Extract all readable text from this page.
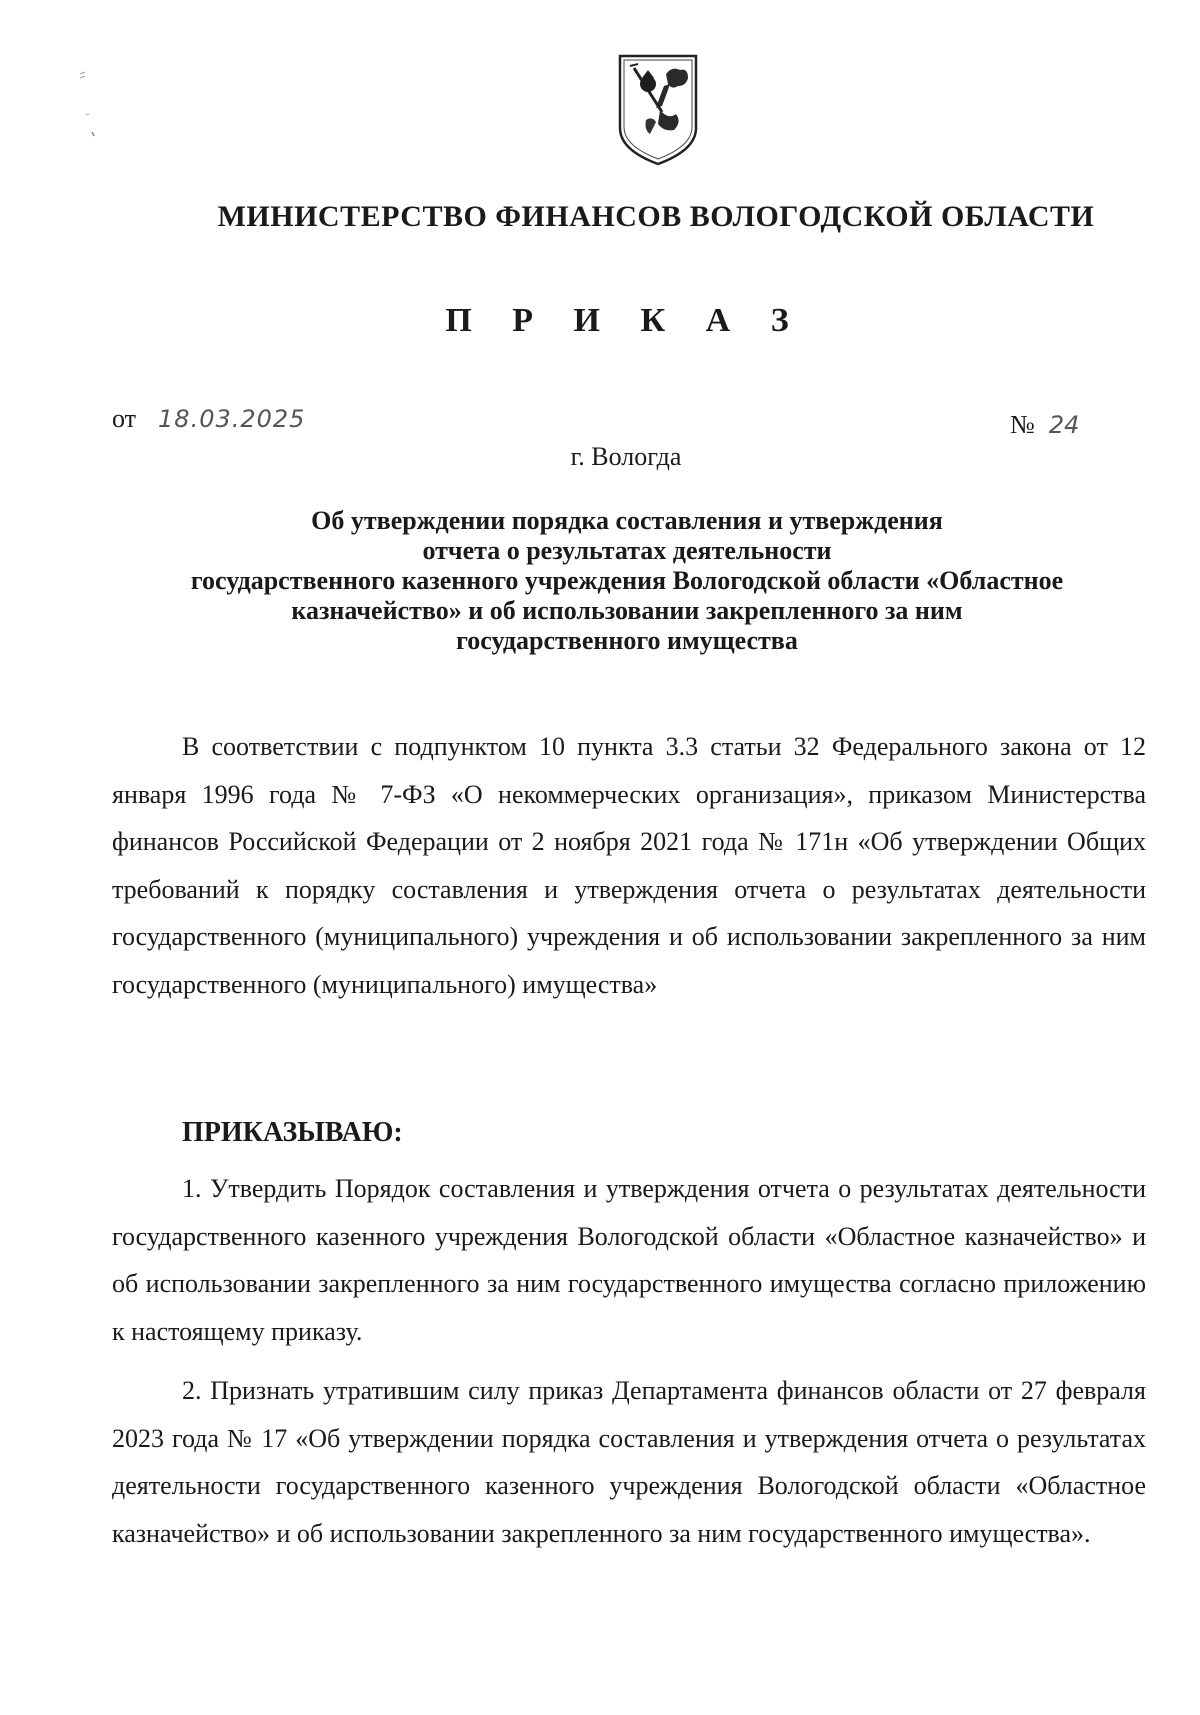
МИНИСТЕРСТВО ФИНАНСОВ ВОЛОГОДСКОЙ ОБЛАСТИ
П Р И К А З
от 18.03.2025	№ 24
г. Вологда
Об утверждении порядка составления и утверждения
отчета о результатах деятельности
государственного казенного учреждения Вологодской области «Областное
казначейство» и об использовании закрепленного за ним
государственного имущества
В соответствии с подпунктом 10 пункта 3.3 статьи 32 Федерального закона от 12 января 1996 года № 7-ФЗ «О некоммерческих организация», приказом Министерства финансов Российской Федерации от 2 ноября 2021 года № 171н «Об утверждении Общих требований к порядку составления и утверждения отчета о результатах деятельности государственного (муниципального) учреждения и об использовании закрепленного за ним государственного (муниципального) имущества»
ПРИКАЗЫВАЮ:
1. Утвердить Порядок составления и утверждения отчета о результатах деятельности государственного казенного учреждения Вологодской области «Областное казначейство» и об использовании закрепленного за ним государственного имущества согласно приложению к настоящему приказу.
2. Признать утратившим силу приказ Департамента финансов области от 27 февраля 2023 года № 17 «Об утверждении порядка составления и утверждения отчета о результатах деятельности государственного казенного учреждения Вологодской области «Областное казначейство» и об использовании закрепленного за ним государственного имущества».
